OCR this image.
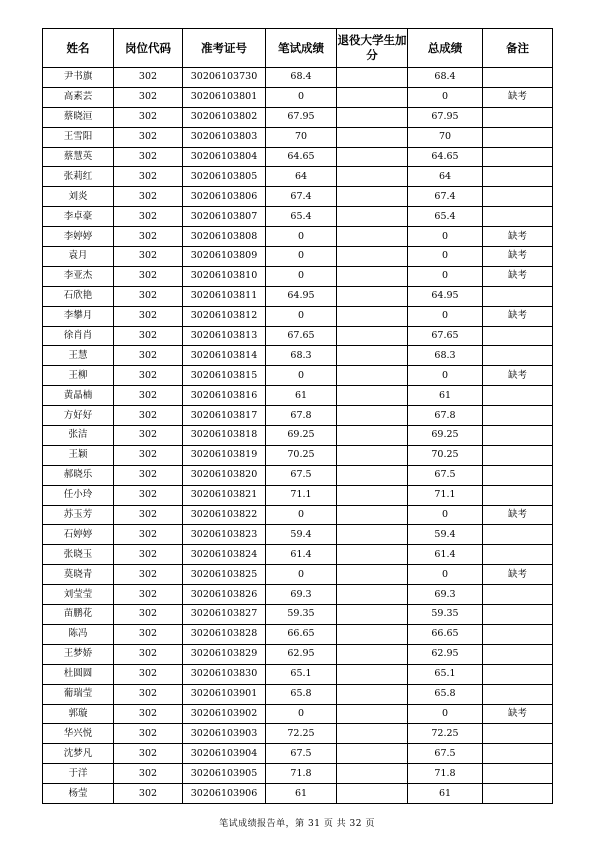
姓名	岗位代码	准考证号	笔试成绩	退役大学生加分	总成绩	备注
尹书旗	302	30206103730	68.4		68.4	
高素芸	302	30206103801	0		0	缺考
蔡晓洹	302	30206103802	67.95		67.95	
王雪阳	302	30206103803	70		70	
蔡慧英	302	30206103804	64.65		64.65	
张莉红	302	30206103805	64		64	
刘炎	302	30206103806	67.4		67.4	
李卓豪	302	30206103807	65.4		65.4	
李婷婷	302	30206103808	0		0	缺考
袁月	302	30206103809	0		0	缺考
李亚杰	302	30206103810	0		0	缺考
石欣艳	302	30206103811	64.95		64.95	
李攀月	302	30206103812	0		0	缺考
徐肖肖	302	30206103813	67.65		67.65	
王慧	302	30206103814	68.3		68.3	
王柳	302	30206103815	0		0	缺考
黄晶楠	302	30206103816	61		61	
方好好	302	30206103817	67.8		67.8	
张洁	302	30206103818	69.25		69.25	
王颖	302	30206103819	70.25		70.25	
郝晓乐	302	30206103820	67.5		67.5	
任小玲	302	30206103821	71.1		71.1	
苏玉芳	302	30206103822	0		0	缺考
石婷婷	302	30206103823	59.4		59.4	
张晓玉	302	30206103824	61.4		61.4	
莫晓青	302	30206103825	0		0	缺考
刘莹莹	302	30206103826	69.3		69.3	
苗鹏花	302	30206103827	59.35		59.35	
陈冯	302	30206103828	66.65		66.65	
王梦娇	302	30206103829	62.95		62.95	
杜圆圆	302	30206103830	65.1		65.1	
葡瑞莹	302	30206103901	65.8		65.8	
郭璇	302	30206103902	0		0	缺考
华兴悦	302	30206103903	72.25		72.25	
沈梦凡	302	30206103904	67.5		67.5	
于洋	302	30206103905	71.8		71.8	
杨莹	302	30206103906	61		61	
笔试成绩报告单，第 31 页 共 32 页
